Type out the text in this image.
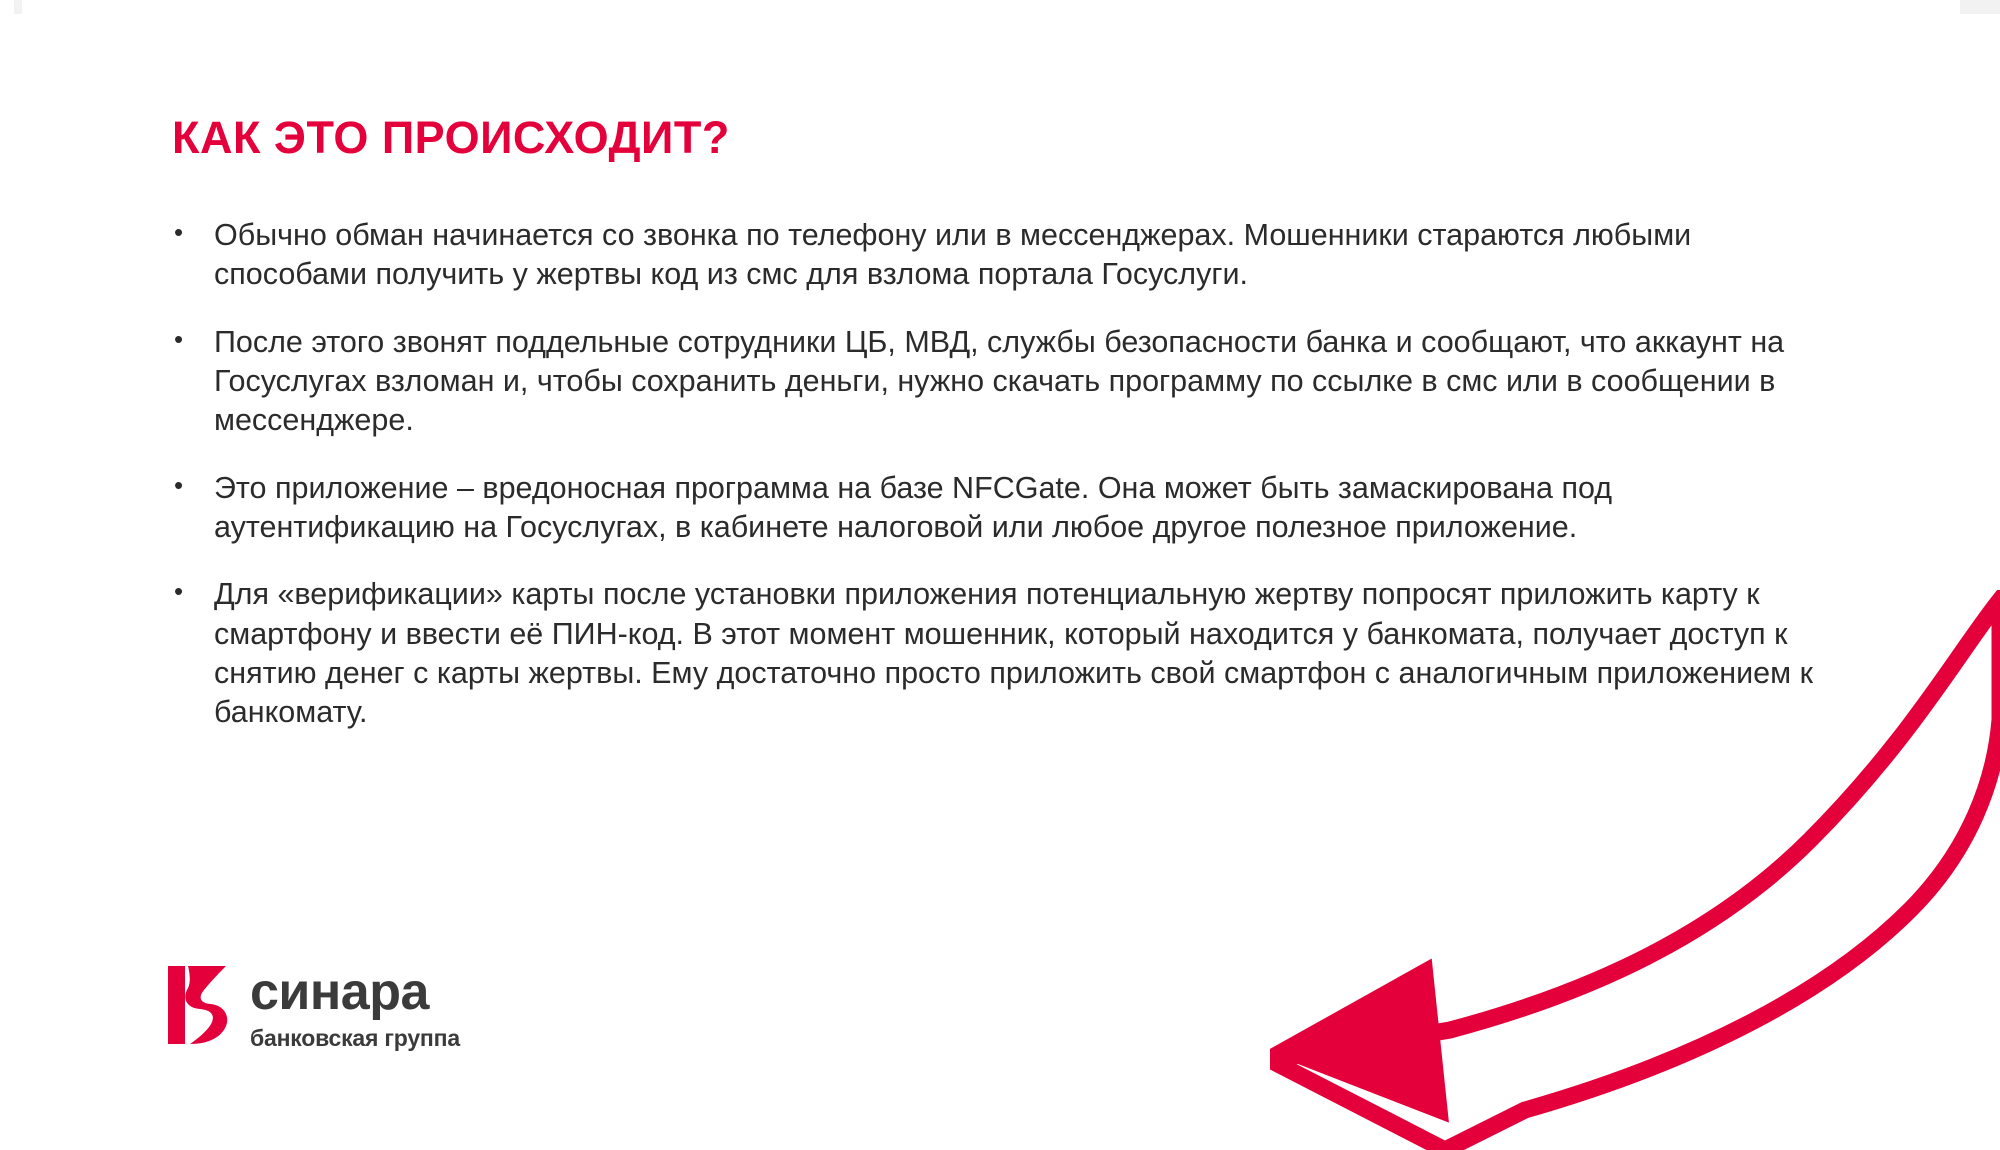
КАК ЭТО ПРОИСХОДИТ?
• Обычно обман начинается со звонка по телефону или в мессенджерах. Мошенники стараются любыми способами получить у жертвы код из смс для взлома портала Госуслуги.
• После этого звонят поддельные сотрудники ЦБ, МВД, службы безопасности банка и сообщают, что аккаунт на Госуслугах взломан и, чтобы сохранить деньги, нужно скачать программу по ссылке в смс или в сообщении в мессенджере.
• Это приложение – вредоносная программа на базе NFCGate. Она может быть замаскирована под аутентификацию на Госуслугах, в кабинете налоговой или любое другое полезное приложение.
• Для «верификации» карты после установки приложения потенциальную жертву попросят приложить карту к смартфону и ввести её ПИН-код. В этот момент мошенник, который находится у банкомата, получает доступ к снятию денег с карты жертвы. Ему достаточно просто приложить свой смартфон с аналогичным приложением к банкомату.
синара
банковская группа
